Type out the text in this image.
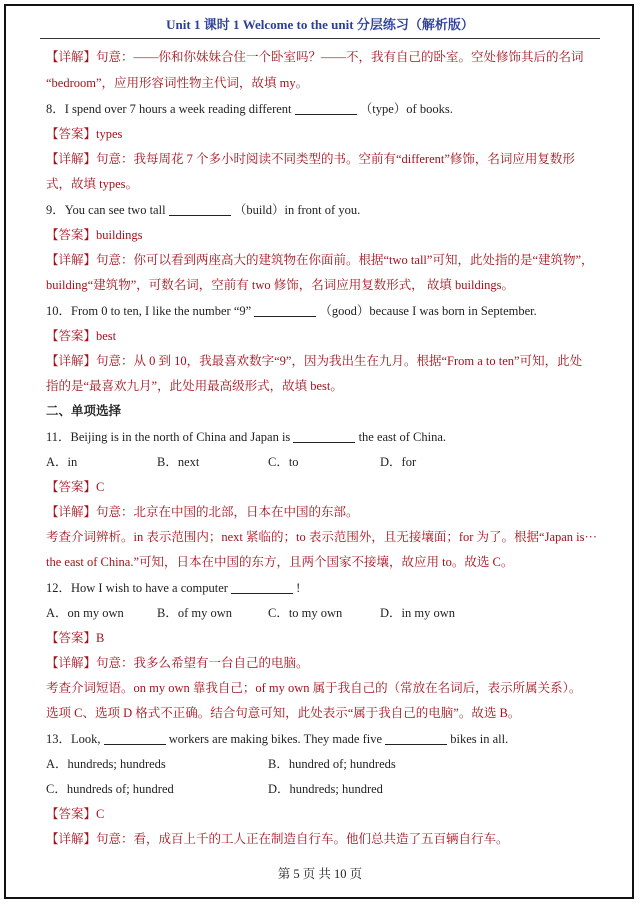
Unit 1 课时 1 Welcome to the unit 分层练习（解析版）
【详解】句意：——你和你妹妹合住一个卧室吗？——不，我有自己的卧室。空处修饰其后的名词
“bedroom”，应用形容词性物主代词，故填 my。
8．I spend over 7 hours a week reading different	（type）of books.
【答案】types
【详解】句意：我每周花 7 个多小时阅读不同类型的书。空前有“different”修饰，名词应用复数形
式，故填 types。
9．You can see two tall	（build）in front of you.
【答案】buildings
【详解】句意：你可以看到两座高大的建筑物在你面前。根据“two tall”可知，此处指的是“建筑物”，
building“建筑物”，可数名词，空前有 two 修饰，名词应用复数形式， 故填 buildings。
10．From 0 to ten, I like the number “9”	（good）because I was born in September.
【答案】best
【详解】句意：从 0 到 10，我最喜欢数字“9”，因为我出生在九月。根据“From a to ten”可知，此处
指的是“最喜欢九月”，此处用最高级形式，故填 best。
二、单项选择
11．Beijing is in the north of China and Japan is	the east of China.
A．in	B．next	C．to	D．for
【答案】C
【详解】句意：北京在中国的北部，日本在中国的东部。
考查介词辨析。in 表示范围内；next 紧临的；to 表示范围外，且无接壤面；for 为了。根据“Japan is···
the east of China.”可知，日本在中国的东方，且两个国家不接壤，故应用 to。故选 C。
12．How I wish to have a computer	!
A．on my own	B．of my own	C．to my own	D．in my own
【答案】B
【详解】句意：我多么希望有一台自己的电脑。
考查介词短语。on my own 靠我自己；of my own 属于我自己的（常放在名词后，表示所属关系）。
选项 C、选项 D 格式不正确。结合句意可知，此处表示“属于我自己的电脑”。故选 B。
13．Look,	workers are making bikes. They made five	bikes in all.
A．hundreds; hundreds	B．hundred of; hundreds
C．hundreds of; hundred	D．hundreds; hundred
【答案】C
【详解】句意：看，成百上千的工人正在制造自行车。他们总共造了五百辆自行车。
第 5 页 共 10 页
